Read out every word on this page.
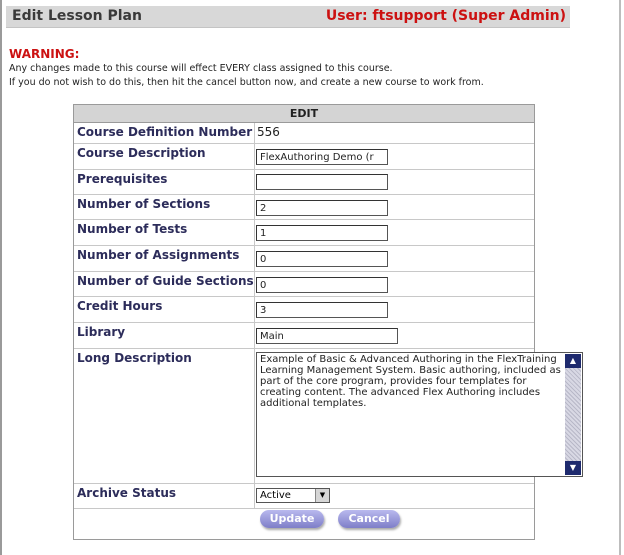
Edit Lesson Plan	User: ftsupport (Super Admin)
WARNING:
Any changes made to this course will effect EVERY class assigned to this course.
If you do not wish to do this, then hit the cancel button now, and create a new course to work from.
EDIT
Course Definition Number 556
Course Description	FlexAuthoring Demo (r
Prerequisites
Number of Sections	2
Number of Tests	1
Number of Assignments	0
Number of Guide Sections 0
Credit Hours	3
Library	Main
Long Description	Example of Basic & Advanced Authoring in the FlexTraining Learning Management System. Basic authoring, included as part of the core program, provides four templates for creating content. The advanced Flex Authoring includes additional templates.
▲
▼
Archive Status	Active	▼
Update	Cancel
